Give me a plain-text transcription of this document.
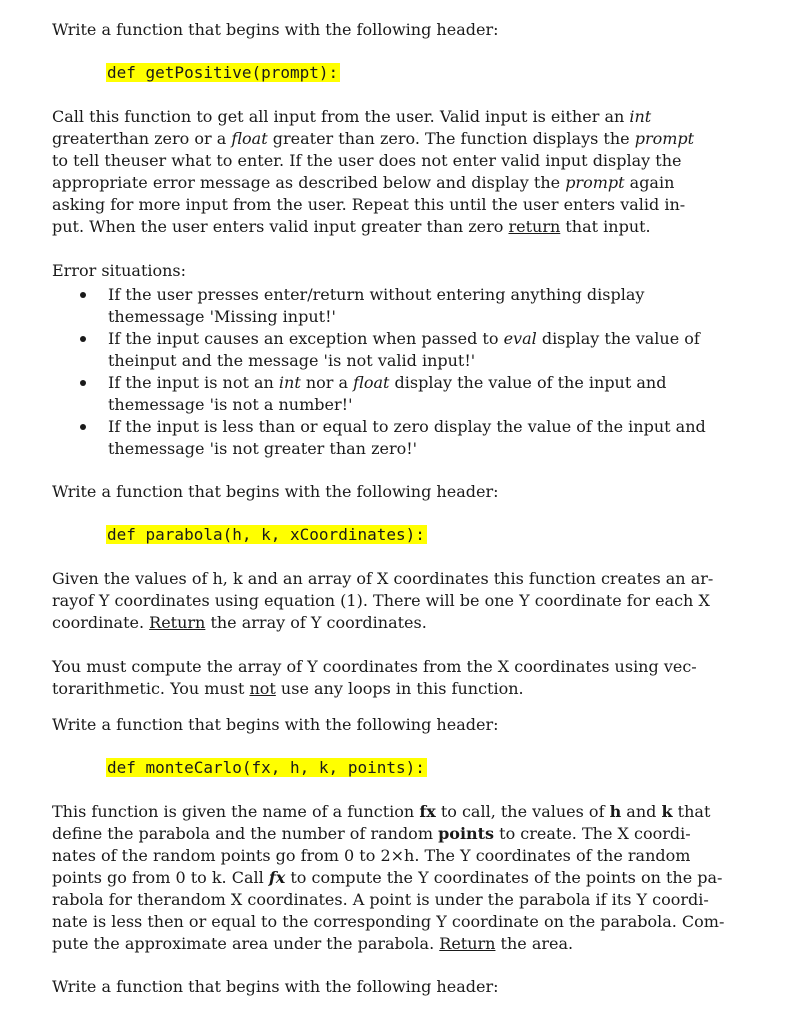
Write a function that begins with the following header:

def getPositive(prompt):

Call this function to get all input from the user. Valid input is either an int
greaterthan zero or a float greater than zero. The function displays the prompt
to tell theuser what to enter. If the user does not enter valid input display the
appropriate error message as described below and display the prompt again
asking for more input from the user. Repeat this until the user enters valid in-
put. When the user enters valid input greater than zero return that input.

Error situations:

If the user presses enter/return without entering anything display
themessage 'Missing input!'
If the input causes an exception when passed to eval display the value of
theinput and the message 'is not valid input!'
If the input is not an int nor a float display the value of the input and
themessage 'is not a number!'
If the input is less than or equal to zero display the value of the input and
themessage 'is not greater than zero!'

Write a function that begins with the following header:

def parabola(h, k, xCoordinates):

Given the values of h, k and an array of X coordinates this function creates an ar-
rayof Y coordinates using equation (1). There will be one Y coordinate for each X
coordinate. Return the array of Y coordinates.

You must compute the array of Y coordinates from the X coordinates using vec-
torarithmetic. You must not use any loops in this function.

Write a function that begins with the following header:

def monteCarlo(fx, h, k, points):

This function is given the name of a function fx to call, the values of h and k that
define the parabola and the number of random points to create. The X coordi-
nates of the random points go from 0 to 2×h. The Y coordinates of the random
points go from 0 to k. Call fx to compute the Y coordinates of the points on the pa-
rabola for therandom X coordinates. A point is under the parabola if its Y coordi-
nate is less then or equal to the corresponding Y coordinate on the parabola. Com-
pute the approximate area under the parabola. Return the area.

Write a function that begins with the following header:
